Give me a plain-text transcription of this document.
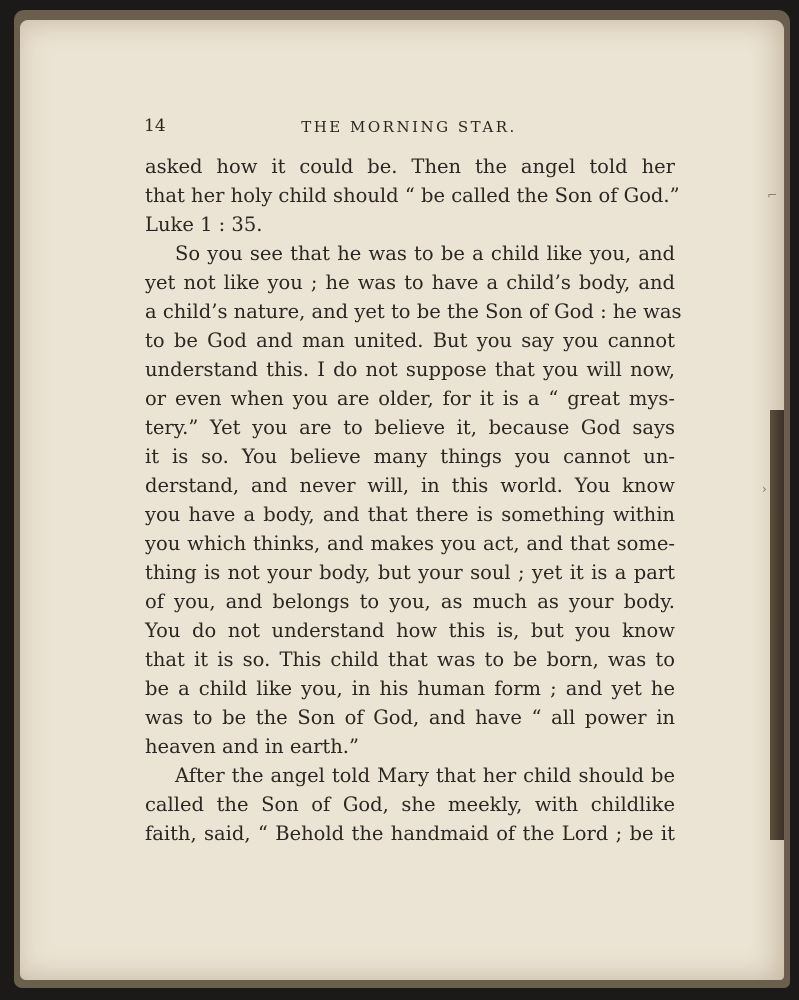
14	THE MORNING STAR.
asked how it could be. Then the angel told her
that her holy child should “ be called the Son of God.”
Luke 1 : 35.
So you see that he was to be a child like you, and
yet not like you ; he was to have a child’s body, and
a child’s nature, and yet to be the Son of God : he was
to be God and man united. But you say you cannot
understand this. I do not suppose that you will now,
or even when you are older, for it is a “ great mys-
tery.” Yet you are to believe it, because God says
it is so. You believe many things you cannot un-
derstand, and never will, in this world. You know
you have a body, and that there is something within
you which thinks, and makes you act, and that some-
thing is not your body, but your soul ; yet it is a part
of you, and belongs to you, as much as your body.
You do not understand how this is, but you know
that it is so. This child that was to be born, was to
be a child like you, in his human form ; and yet he
was to be the Son of God, and have “ all power in
heaven and in earth.”
After the angel told Mary that her child should be
called the Son of God, she meekly, with childlike
faith, said, “ Behold the handmaid of the Lord ; be it
⌐
›
